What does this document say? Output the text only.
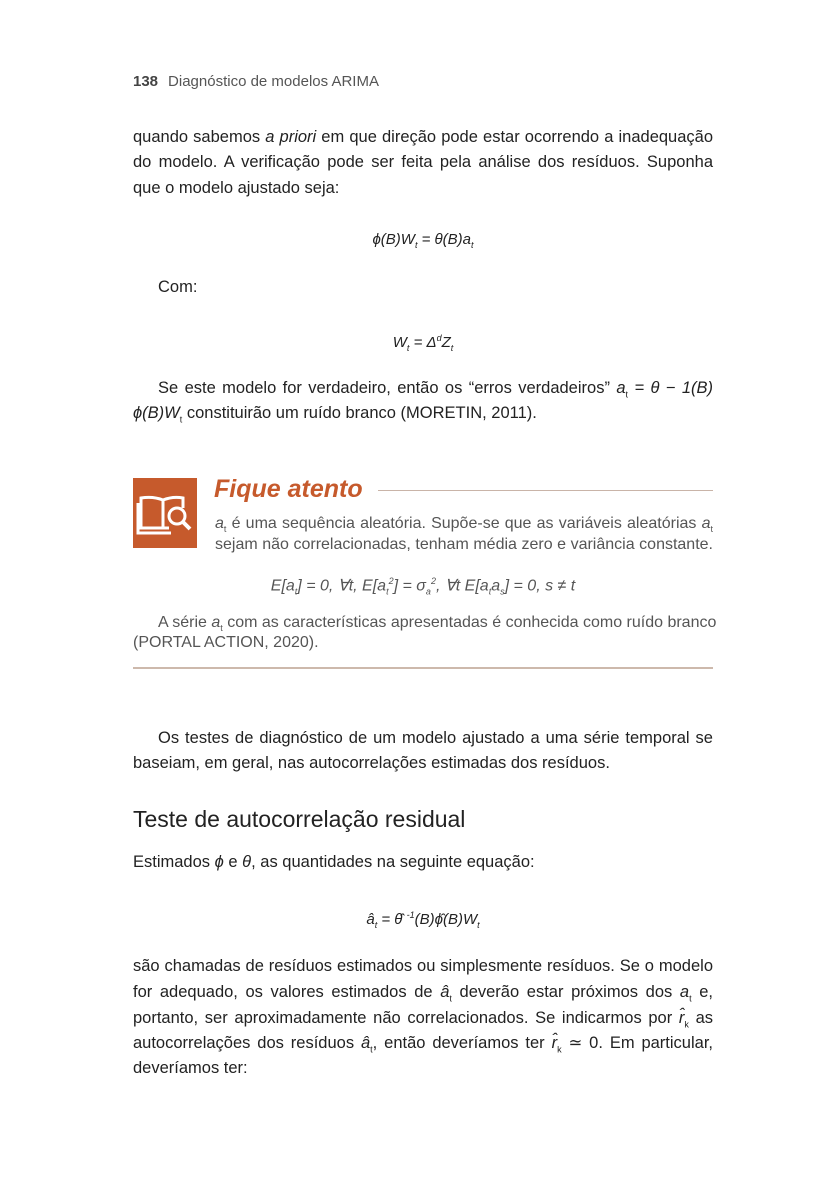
138 Diagnóstico de modelos ARIMA
quando sabemos a priori em que direção pode estar ocorrendo a inadequação
do modelo. A verificação pode ser feita pela análise dos resíduos. Suponha
que o modelo ajustado seja:
$\phi(B)W_t = \theta(B)a_t$
Com:
$W_t = \Delta^dZ_t$
Se este modelo for verdadeiro, então os “erros verdadeiros” $a_t = \theta - 1(B)$
$\phi(B)W_t$ constituirão um ruído branco (MORETIN, 2011).
Fique atento
$a_t$ é uma sequência aleatória. Supõe-se que as variáveis aleatórias $a_t$
sejam não correlacionadas, tenham média zero e variância constante.
$E[a_t] = 0$, ∀t, $E[a_t^2] = \sigma_a^2$, ∀t $E[a_ta_s] = 0$, s ≠ t
A série $a_t$ com as características apresentadas é conhecida como ruído branco
(PORTAL ACTION, 2020).
Os testes de diagnóstico de um modelo ajustado a uma série temporal se
baseiam, em geral, nas autocorrelações estimadas dos resíduos.
Teste de autocorrelação residual
Estimados ϕ e θ, as quantidades na seguinte equação:
$â_t$ = θ̂ $^{-1}(B)\phî(B)W_t$
são chamadas de resíduos estimados ou simplesmente resíduos. Se o modelo
for adequado, os valores estimados de $â_t$ deverão estar próximos dos $a_t$ e,
portanto, ser aproximadamente não correlacionados. Se indicarmos por $r̂_k$ as
autocorrelações dos resíduos $â_t$, então deveríamos ter $r̂_k$ ≃ 0. Em particular,
deveríamos ter:
